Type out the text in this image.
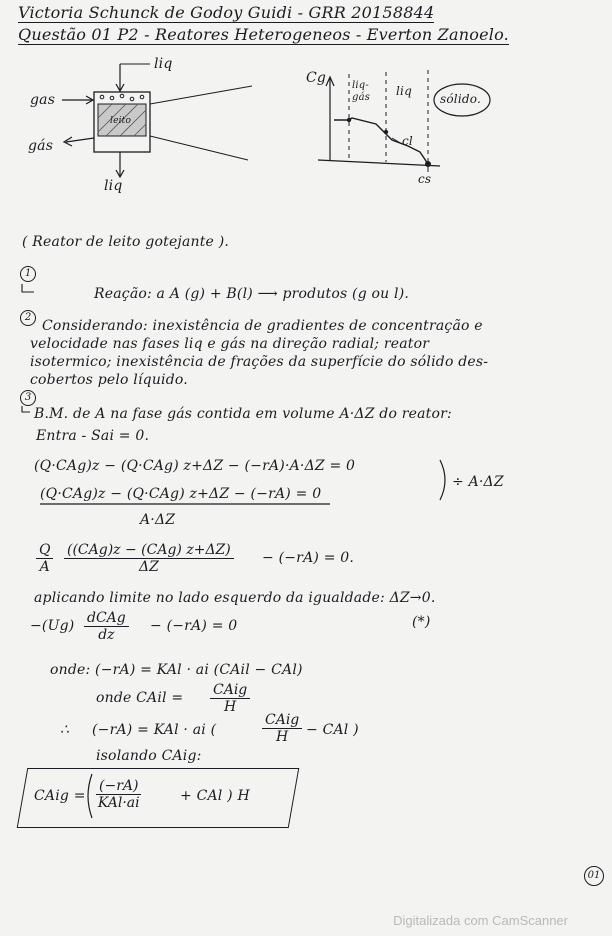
Victoria Schunck de Godoy Guidi - GRR 20158844
Questão 01 P2 - Reatores Heterogeneos - Everton Zanoelo.
liq
gas
gás
liq
leito
Cg	liq-gás	liq
sólido.
cl
cs
( Reator de leito gotejante ).
1
Reação: a A (g) + B(l) ⟶ produtos (g ou l).
2
Considerando: inexistência de gradientes de concentração e
velocidade nas fases liq e gás na direção radial; reator
isotermico; inexistência de frações da superfície do sólido des-
cobertos pelo líquido.
3
B.M. de A na fase gás contida em volume A·ΔZ do reator:
Entra - Sai = 0.
(Q·CAg)z − (Q·CAg) z+ΔZ − (−rA)·A·ΔZ = 0
(Q·CAg)z − (Q·CAg) z+ΔZ − (−rA) = 0
÷ A·ΔZ
A·ΔZ
$\frac{Q}{A} ((CAg)z - (CAg)$ z+ΔZ)
ΔZ
− (−rA) = 0.
aplicando limite no lado esquerdo da igualdade: ΔZ→0.
−(Ug) dCAg
dz
− (−rA) = 0	(*)
onde: (−rA) = KAl · ai (CAil − CAl)
onde CAil = CAig
H
∴ (−rA) = KAl · ai (
CAig
H	− CAl )
isolando CAig:
CAig =
(−rA)
KAl·ai	+ CAl ) H
01
Digitalizada com CamScanner
